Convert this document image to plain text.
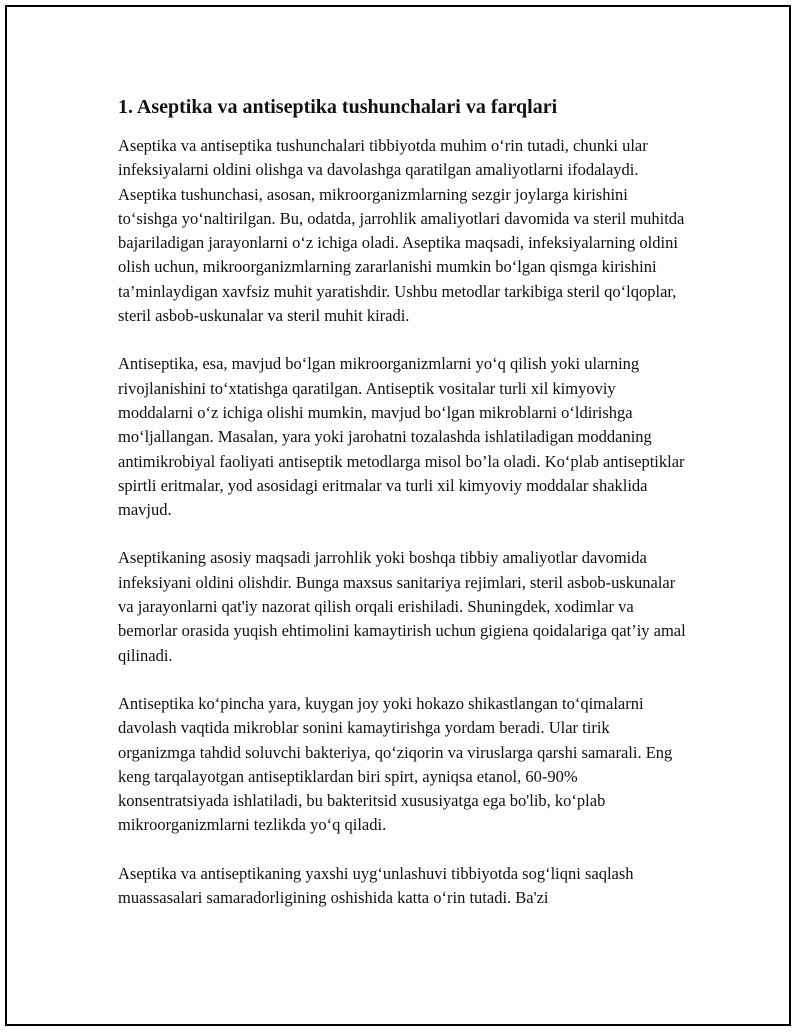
1. Aseptika va antiseptika tushunchalari va farqlari

Aseptika va antiseptika tushunchalari tibbiyotda muhim o‘rin tutadi, chunki ular infeksiyalarni oldini olishga va davolashga qaratilgan amaliyotlarni ifodalaydi. Aseptika tushunchasi, asosan, mikroorganizmlarning sezgir joylarga kirishini to‘sishga yo‘naltirilgan. Bu, odatda, jarrohlik amaliyotlari davomida va steril muhitda bajariladigan jarayonlarni o‘z ichiga oladi. Aseptika maqsadi, infeksiyalarning oldini olish uchun, mikroorganizmlarning zararlanishi mumkin bo‘lgan qismga kirishini ta’minlaydigan xavfsiz muhit yaratishdir. Ushbu metodlar tarkibiga steril qo‘lqoplar, steril asbob-uskunalar va steril muhit kiradi.

Antiseptika, esa, mavjud bo‘lgan mikroorganizmlarni yo‘q qilish yoki ularning rivojlanishini to‘xtatishga qaratilgan. Antiseptik vositalar turli xil kimyoviy moddalarni o‘z ichiga olishi mumkin, mavjud bo‘lgan mikroblarni o‘ldirishga mo‘ljallangan. Masalan, yara yoki jarohatni tozalashda ishlatiladigan moddaning antimikrobiyal faoliyati antiseptik metodlarga misol bo’la oladi. Ko‘plab antiseptiklar spirtli eritmalar, yod asosidagi eritmalar va turli xil kimyoviy moddalar shaklida mavjud.

Aseptikaning asosiy maqsadi jarrohlik yoki boshqa tibbiy amaliyotlar davomida infeksiyani oldini olishdir. Bunga maxsus sanitariya rejimlari, steril asbob-uskunalar va jarayonlarni qat'iy nazorat qilish orqali erishiladi. Shuningdek, xodimlar va bemorlar orasida yuqish ehtimolini kamaytirish uchun gigiena qoidalariga qat’iy amal qilinadi.

Antiseptika ko‘pincha yara, kuygan joy yoki hokazo shikastlangan to‘qimalarni davolash vaqtida mikroblar sonini kamaytirishga yordam beradi. Ular tirik organizmga tahdid soluvchi bakteriya, qo‘ziqorin va viruslarga qarshi samarali. Eng keng tarqalayotgan antiseptiklardan biri spirt, ayniqsa etanol, 60-90% konsentratsiyada ishlatiladi, bu bakteritsid xususiyatga ega bo'lib, ko‘plab mikroorganizmlarni tezlikda yo‘q qiladi.

Aseptika va antiseptikaning yaxshi uyg‘unlashuvi tibbiyotda sog‘liqni saqlash muassasalari samaradorligining oshishida katta o‘rin tutadi. Ba'zi
